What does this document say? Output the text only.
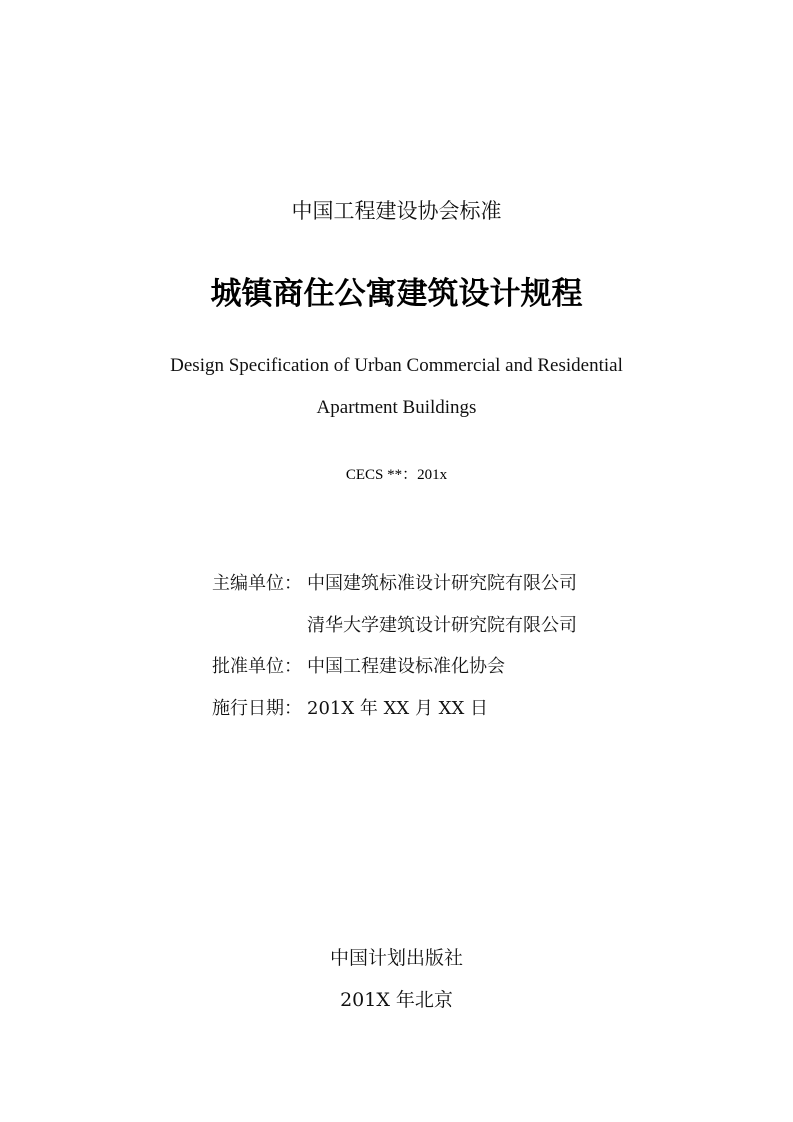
中国工程建设协会标准
城镇商住公寓建筑设计规程
Design Specification of Urban Commercial and Residential
Apartment Buildings
CECS **：201x
主编单位： 中国建筑标准设计研究院有限公司
清华大学建筑设计研究院有限公司
批准单位： 中国工程建设标准化协会
施行日期： 201X 年 XX 月 XX 日
中国计划出版社
201X 年北京
